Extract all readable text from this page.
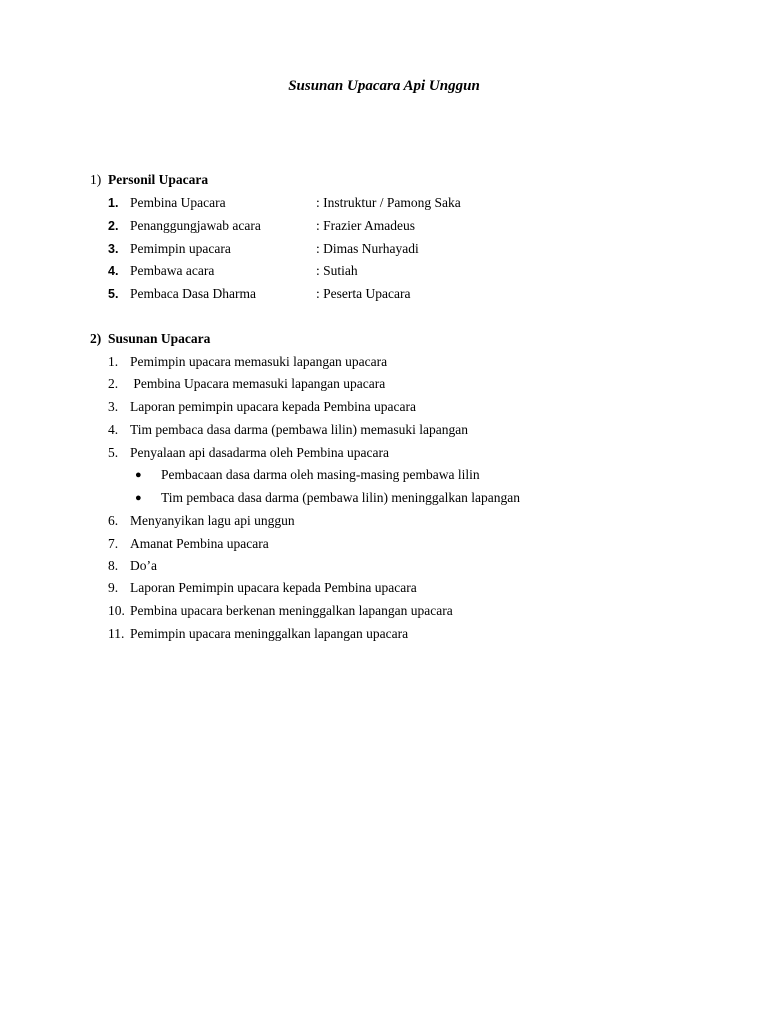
Susunan Upacara Api Unggun
1) Personil Upacara
1. Pembina Upacara	: Instruktur / Pamong Saka
2. Penanggungjawab acara	: Frazier Amadeus
3. Pemimpin upacara	: Dimas Nurhayadi
4. Pembawa acara	: Sutiah
5. Pembaca Dasa Dharma	: Peserta Upacara
2) Susunan Upacara
1. Pemimpin upacara memasuki lapangan upacara
2. Pembina Upacara memasuki lapangan upacara
3. Laporan pemimpin upacara kepada Pembina upacara
4. Tim pembaca dasa darma (pembawa lilin) memasuki lapangan
5. Penyalaan api dasadarma oleh Pembina upacara
● Pembacaan dasa darma oleh masing-masing pembawa lilin
● Tim pembaca dasa darma (pembawa lilin) meninggalkan lapangan
6. Menyanyikan lagu api unggun
7. Amanat Pembina upacara
8. Do’a
9. Laporan Pemimpin upacara kepada Pembina upacara
10. Pembina upacara berkenan meninggalkan lapangan upacara
11. Pemimpin upacara meninggalkan lapangan upacara
